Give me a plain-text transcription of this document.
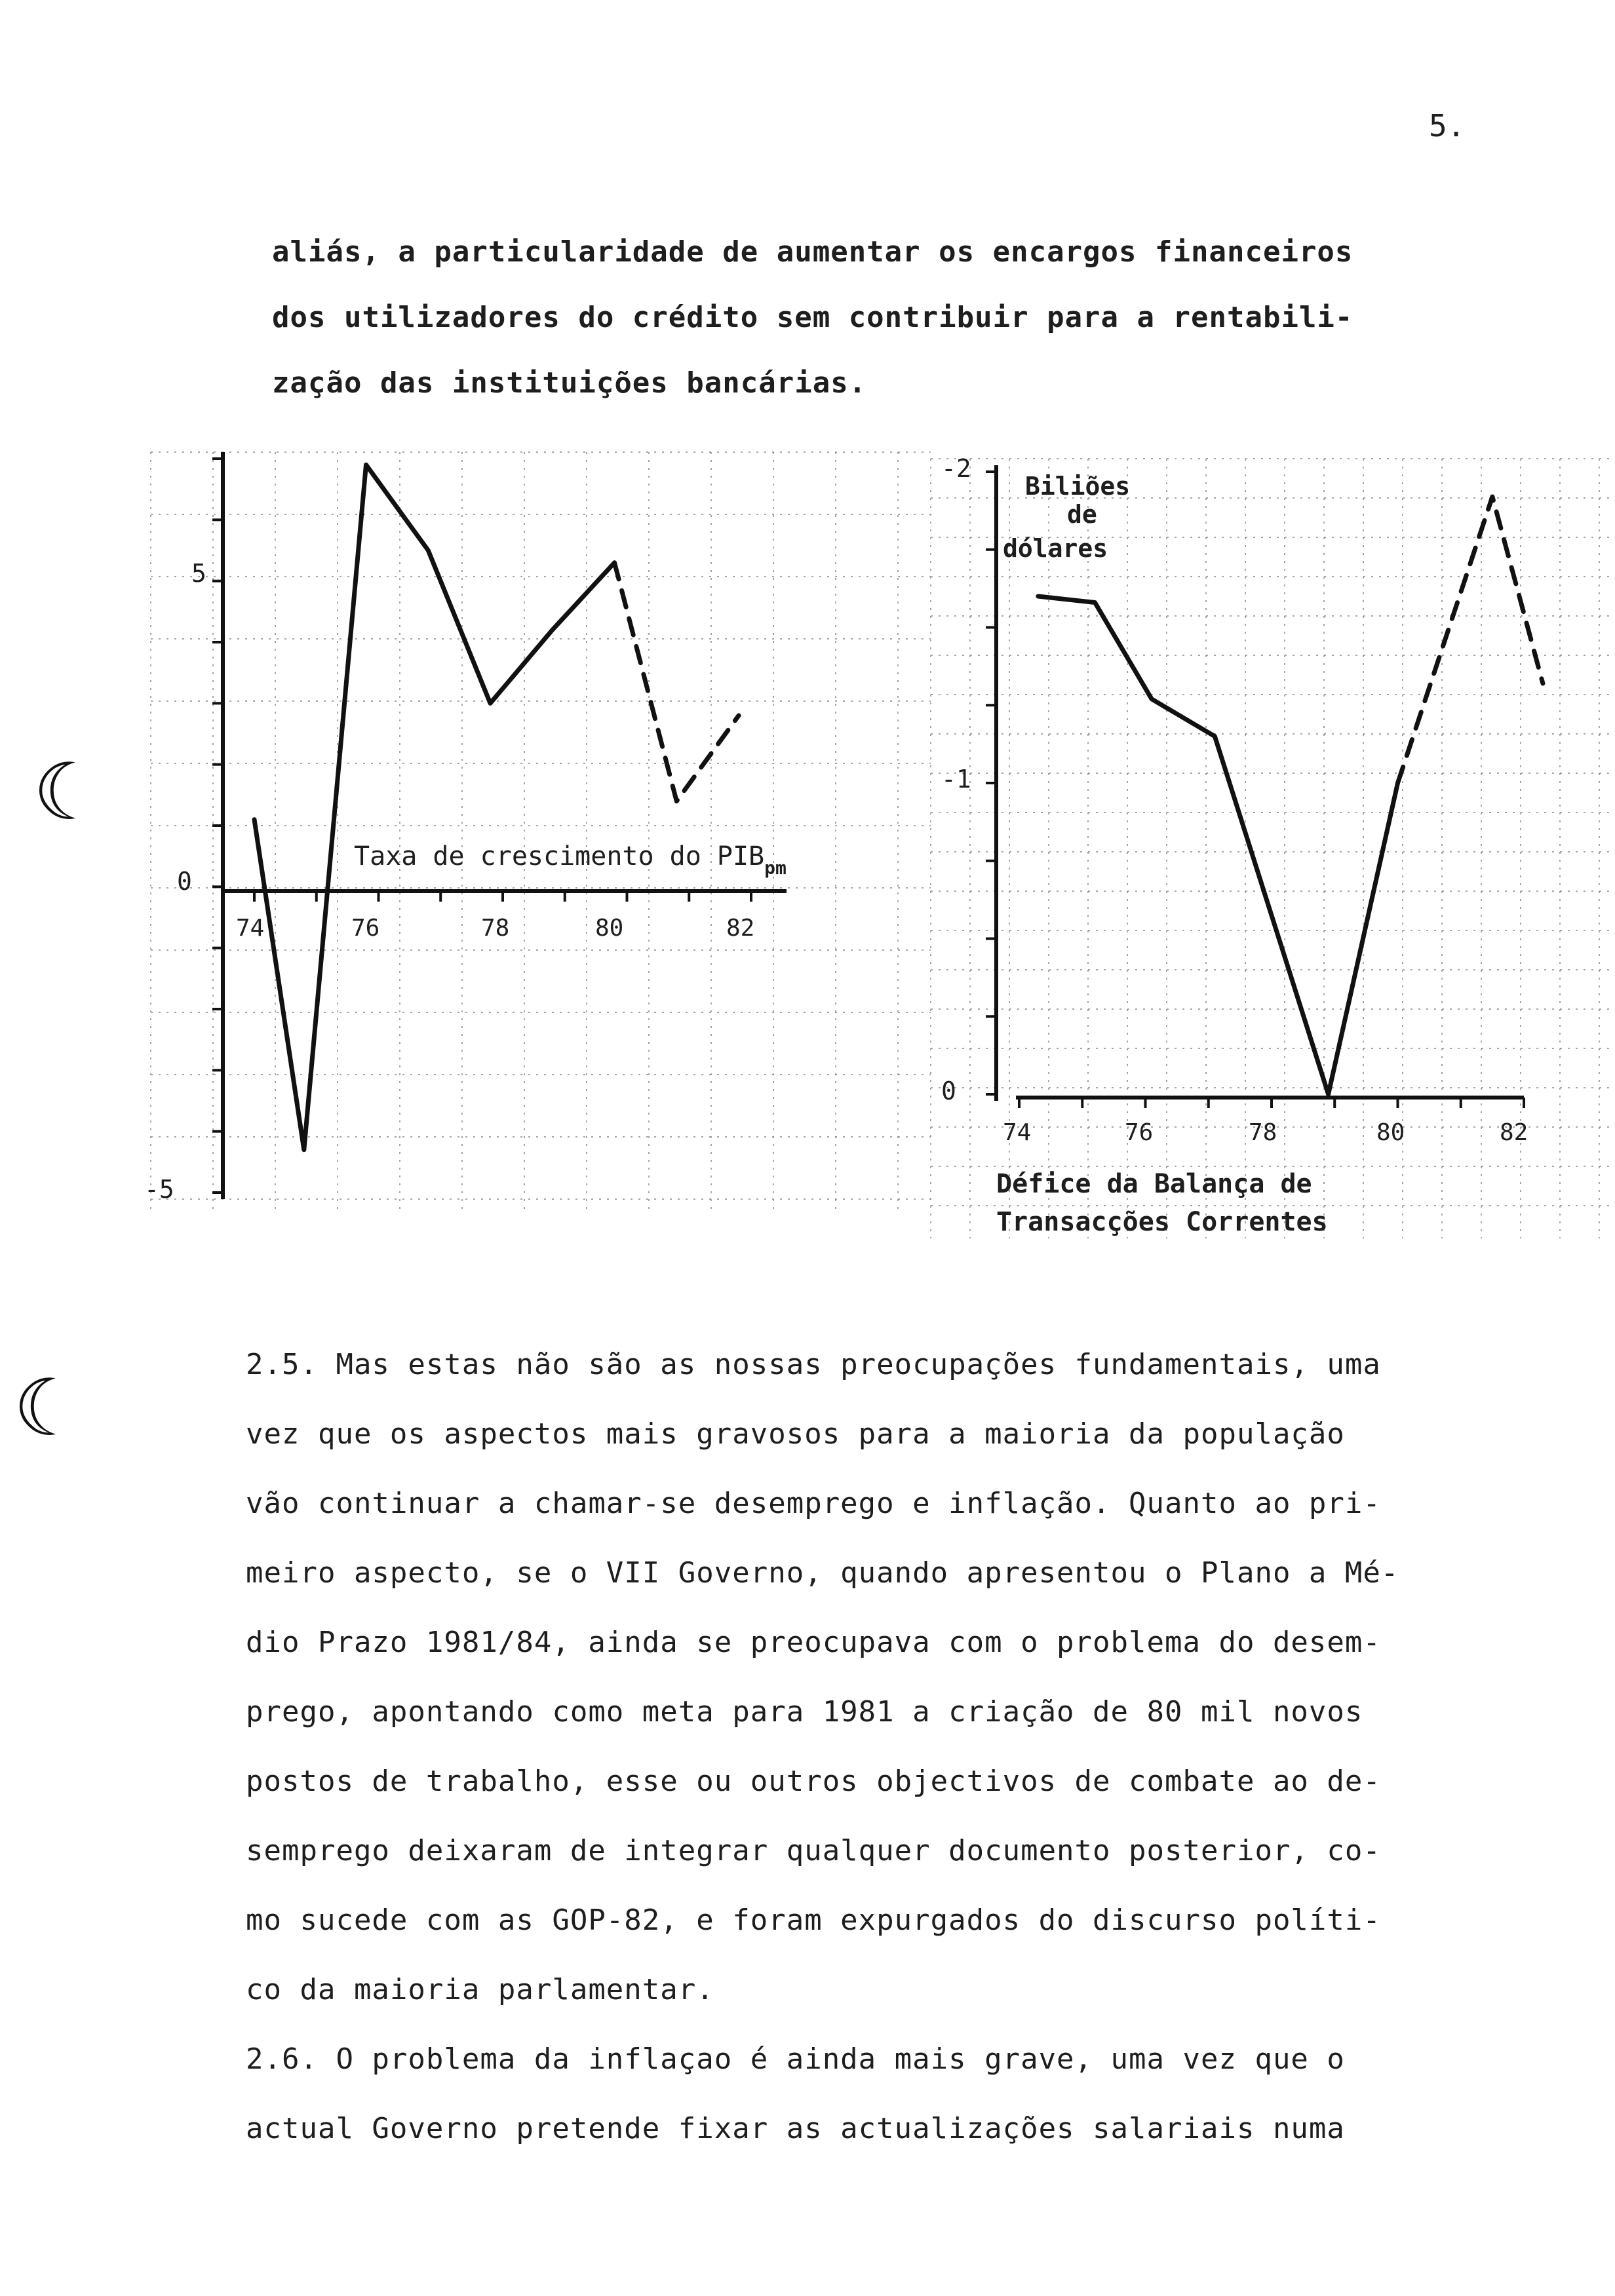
5.
aliás, a particularidade de aumentar os encargos financeiros
dos utilizadores do crédito sem contribuir para a rentabili-
zação das instituições bancárias.
☾
☾
5
0
-5
74	76	78	80	82
Taxa de crescimento do $PIB_{pm}$
-2
-1
0
Biliões
de
dólares
74	76	78	80	82
Défice da Balança de
Transacções Correntes
2.5. Mas estas não são as nossas preocupações fundamentais, uma
vez que os aspectos mais gravosos para a maioria da população
vão continuar a chamar-se desemprego e inflação. Quanto ao pri-
meiro aspecto, se o VII Governo, quando apresentou o Plano a Mé-
dio Prazo 1981/84, ainda se preocupava com o problema do desem-
prego, apontando como meta para 1981 a criação de 80 mil novos
postos de trabalho, esse ou outros objectivos de combate ao de-
semprego deixaram de integrar qualquer documento posterior, co-
mo sucede com as GOP-82, e foram expurgados do discurso políti-
co da maioria parlamentar.
2.6. O problema da inflaçao é ainda mais grave, uma vez que o
actual Governo pretende fixar as actualizações salariais numa
